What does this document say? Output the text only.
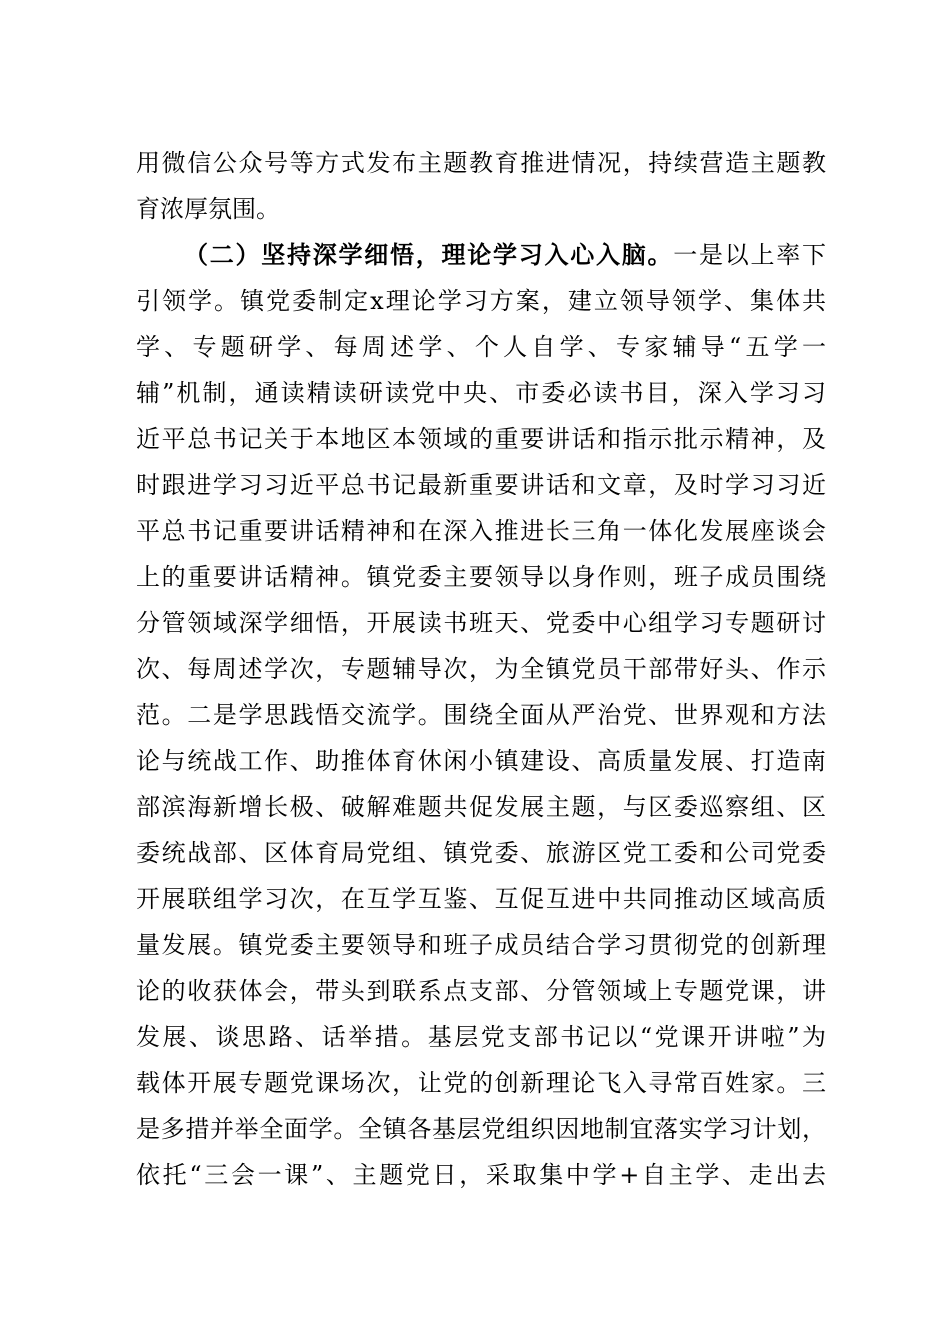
用微信公众号等方式发布主题教育推进情况，持续营造主题教
育浓厚氛围。
（二）坚持深学细悟，理论学习入心入脑。一是以上率下
引领学。镇党委制定x理论学习方案，建立领导领学、集体共
学、专题研学、每周述学、个人自学、专家辅导“五学一
辅”机制，通读精读研读党中央、市委必读书目，深入学习习
近平总书记关于本地区本领域的重要讲话和指示批示精神，及
时跟进学习习近平总书记最新重要讲话和文章，及时学习习近
平总书记重要讲话精神和在深入推进长三角一体化发展座谈会
上的重要讲话精神。镇党委主要领导以身作则，班子成员围绕
分管领域深学细悟，开展读书班天、党委中心组学习专题研讨
次、每周述学次，专题辅导次，为全镇党员干部带好头、作示
范。二是学思践悟交流学。围绕全面从严治党、世界观和方法
论与统战工作、助推体育休闲小镇建设、高质量发展、打造南
部滨海新增长极、破解难题共促发展主题，与区委巡察组、区
委统战部、区体育局党组、镇党委、旅游区党工委和公司党委
开展联组学习次，在互学互鉴、互促互进中共同推动区域高质
量发展。镇党委主要领导和班子成员结合学习贯彻党的创新理
论的收获体会，带头到联系点支部、分管领域上专题党课，讲
发展、谈思路、话举措。基层党支部书记以“党课开讲啦”为
载体开展专题党课场次，让党的创新理论飞入寻常百姓家。三
是多措并举全面学。全镇各基层党组织因地制宜落实学习计划，
依托“三会一课”、主题党日，采取集中学+自主学、走出去
